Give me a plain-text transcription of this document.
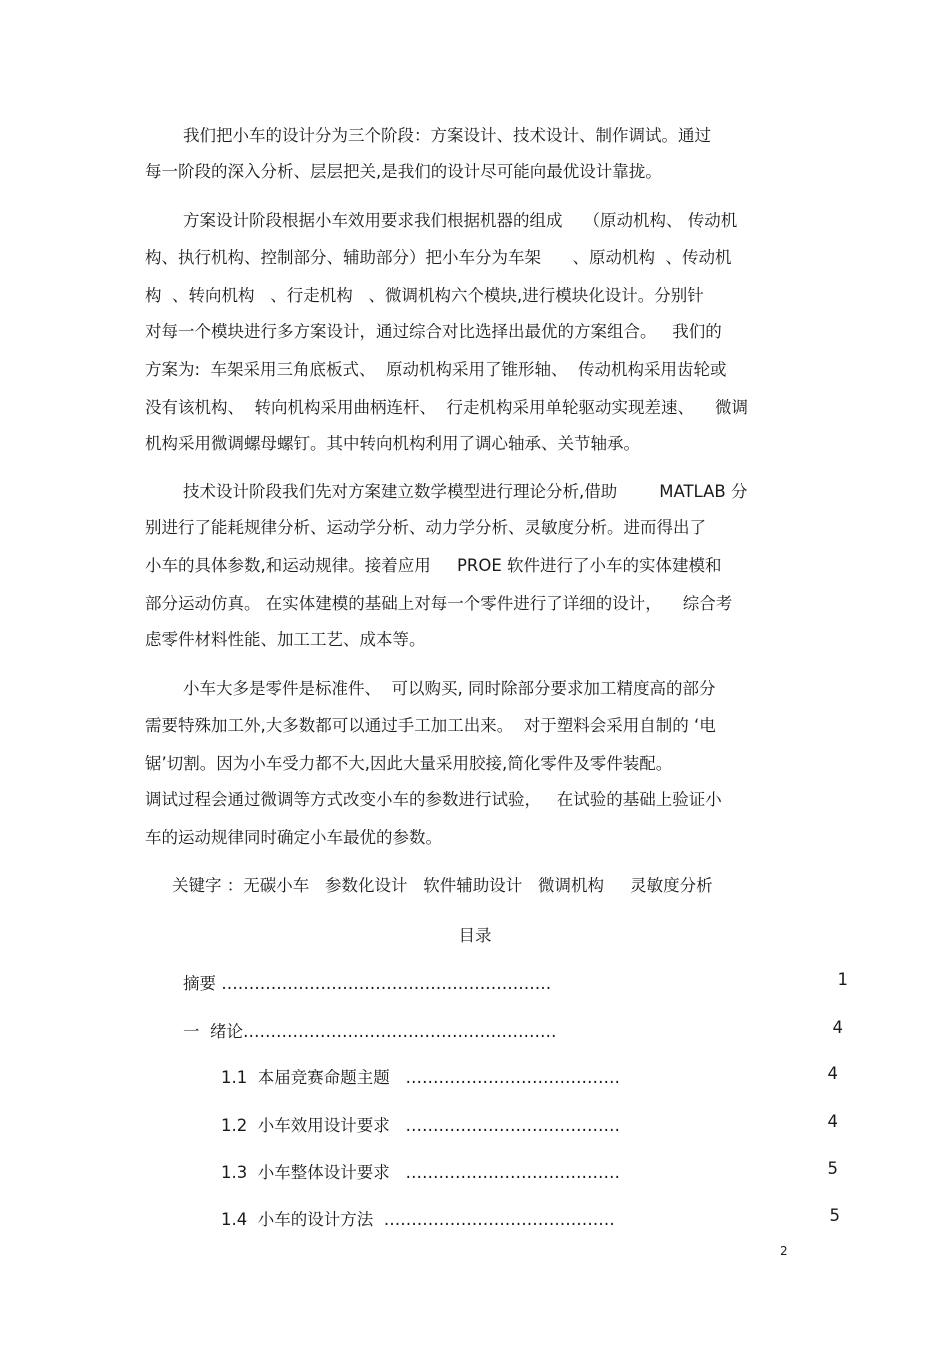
我们把小车的设计分为三个阶段：方案设计、技术设计、制作调试。通过
每一阶段的深入分析、层层把关,是我们的设计尽可能向最优设计靠拢。
方案设计阶段根据小车效用要求我们根据机器的组成    （原动机构、 传动机
构、执行机构、控制部分、辅助部分）把小车分为车架      、原动机构  、传动机
构  、转向机构   、行走机构   、微调机构六个模块,进行模块化设计。分别针
对每一个模块进行多方案设计，通过综合对比选择出最优的方案组合。   我们的
方案为:  车架采用三角底板式、  原动机构采用了锥形轴、  传动机构采用齿轮或
没有该机构、  转向机构采用曲柄连杆、  行走机构采用单轮驱动实现差速、    微调
机构采用微调螺母螺钉。其中转向机构利用了调心轴承、关节轴承。
技术设计阶段我们先对方案建立数学模型进行理论分析,借助        MATLAB 分
别进行了能耗规律分析、运动学分析、动力学分析、灵敏度分析。进而得出了
小车的具体参数,和运动规律。接着应用     PROE 软件进行了小车的实体建模和
部分运动仿真。 在实体建模的基础上对每一个零件进行了详细的设计，    综合考
虑零件材料性能、加工工艺、成本等。
小车大多是零件是标准件、  可以购买, 同时除部分要求加工精度高的部分
需要特殊加工外,大多数都可以通过手工加工出来。  对于塑料会采用自制的 ‘电
锯’切割。因为小车受力都不大,因此大量采用胶接,简化零件及零件装配。
调试过程会通过微调等方式改变小车的参数进行试验，   在试验的基础上验证小
车的运动规律同时确定小车最优的参数。
关键字 ：无碳小车   参数化设计   软件辅助设计   微调机构     灵敏度分析
目录
摘要 ……………………………………………………	1
一  绪论…………………………………………………	4
1.1  本届竞赛命题主题   …………………………………	4
1.2  小车效用设计要求   …………………………………	4
1.3  小车整体设计要求   …………………………………	5
1.4  小车的设计方法  ……………………………………	5
2
